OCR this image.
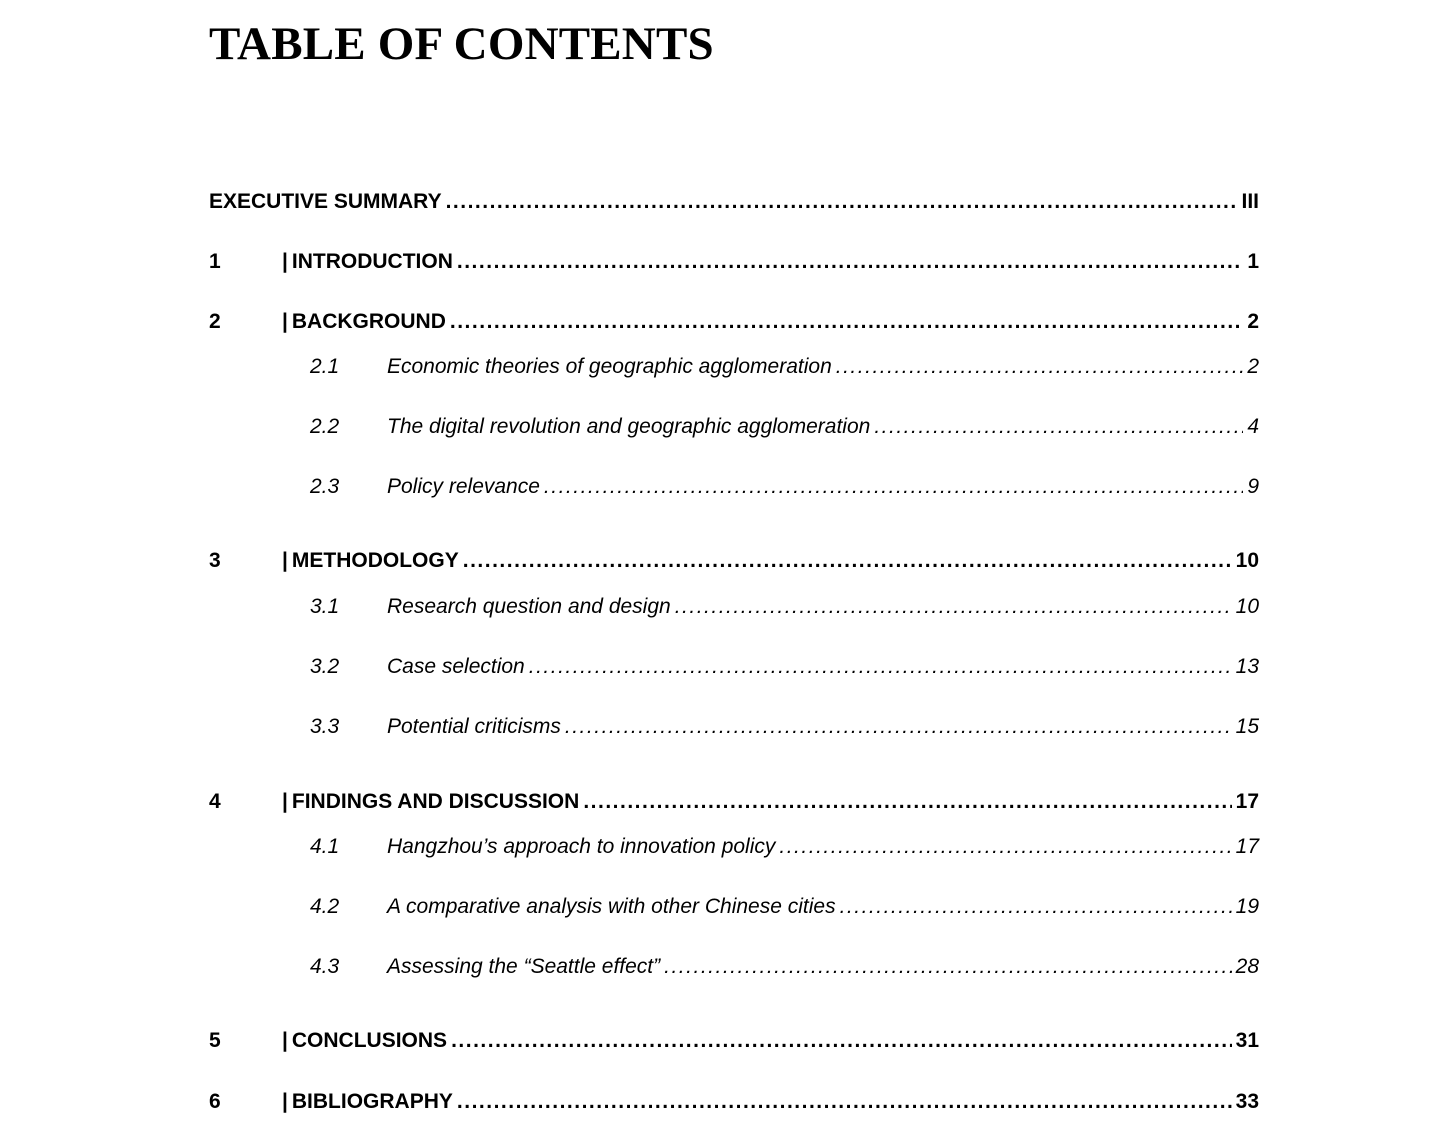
TABLE OF CONTENTS
EXECUTIVE SUMMARY .....	III
1	| INTRODUCTION .....	1
2	| BACKGROUND .....	2
2.1	Economic theories of geographic agglomeration .....	2
2.2	The digital revolution and geographic agglomeration .....	4
2.3	Policy relevance .....	9
3	| METHODOLOGY .....	10
3.1	Research question and design .....	10
3.2	Case selection .....	13
3.3	Potential criticisms .....	15
4	| FINDINGS AND DISCUSSION .....	17
4.1	Hangzhou’s approach to innovation policy .....	17
4.2	A comparative analysis with other Chinese cities .....	19
4.3	Assessing the “Seattle effect” .....	28
5	| CONCLUSIONS .....	31
6	| BIBLIOGRAPHY .....	33
